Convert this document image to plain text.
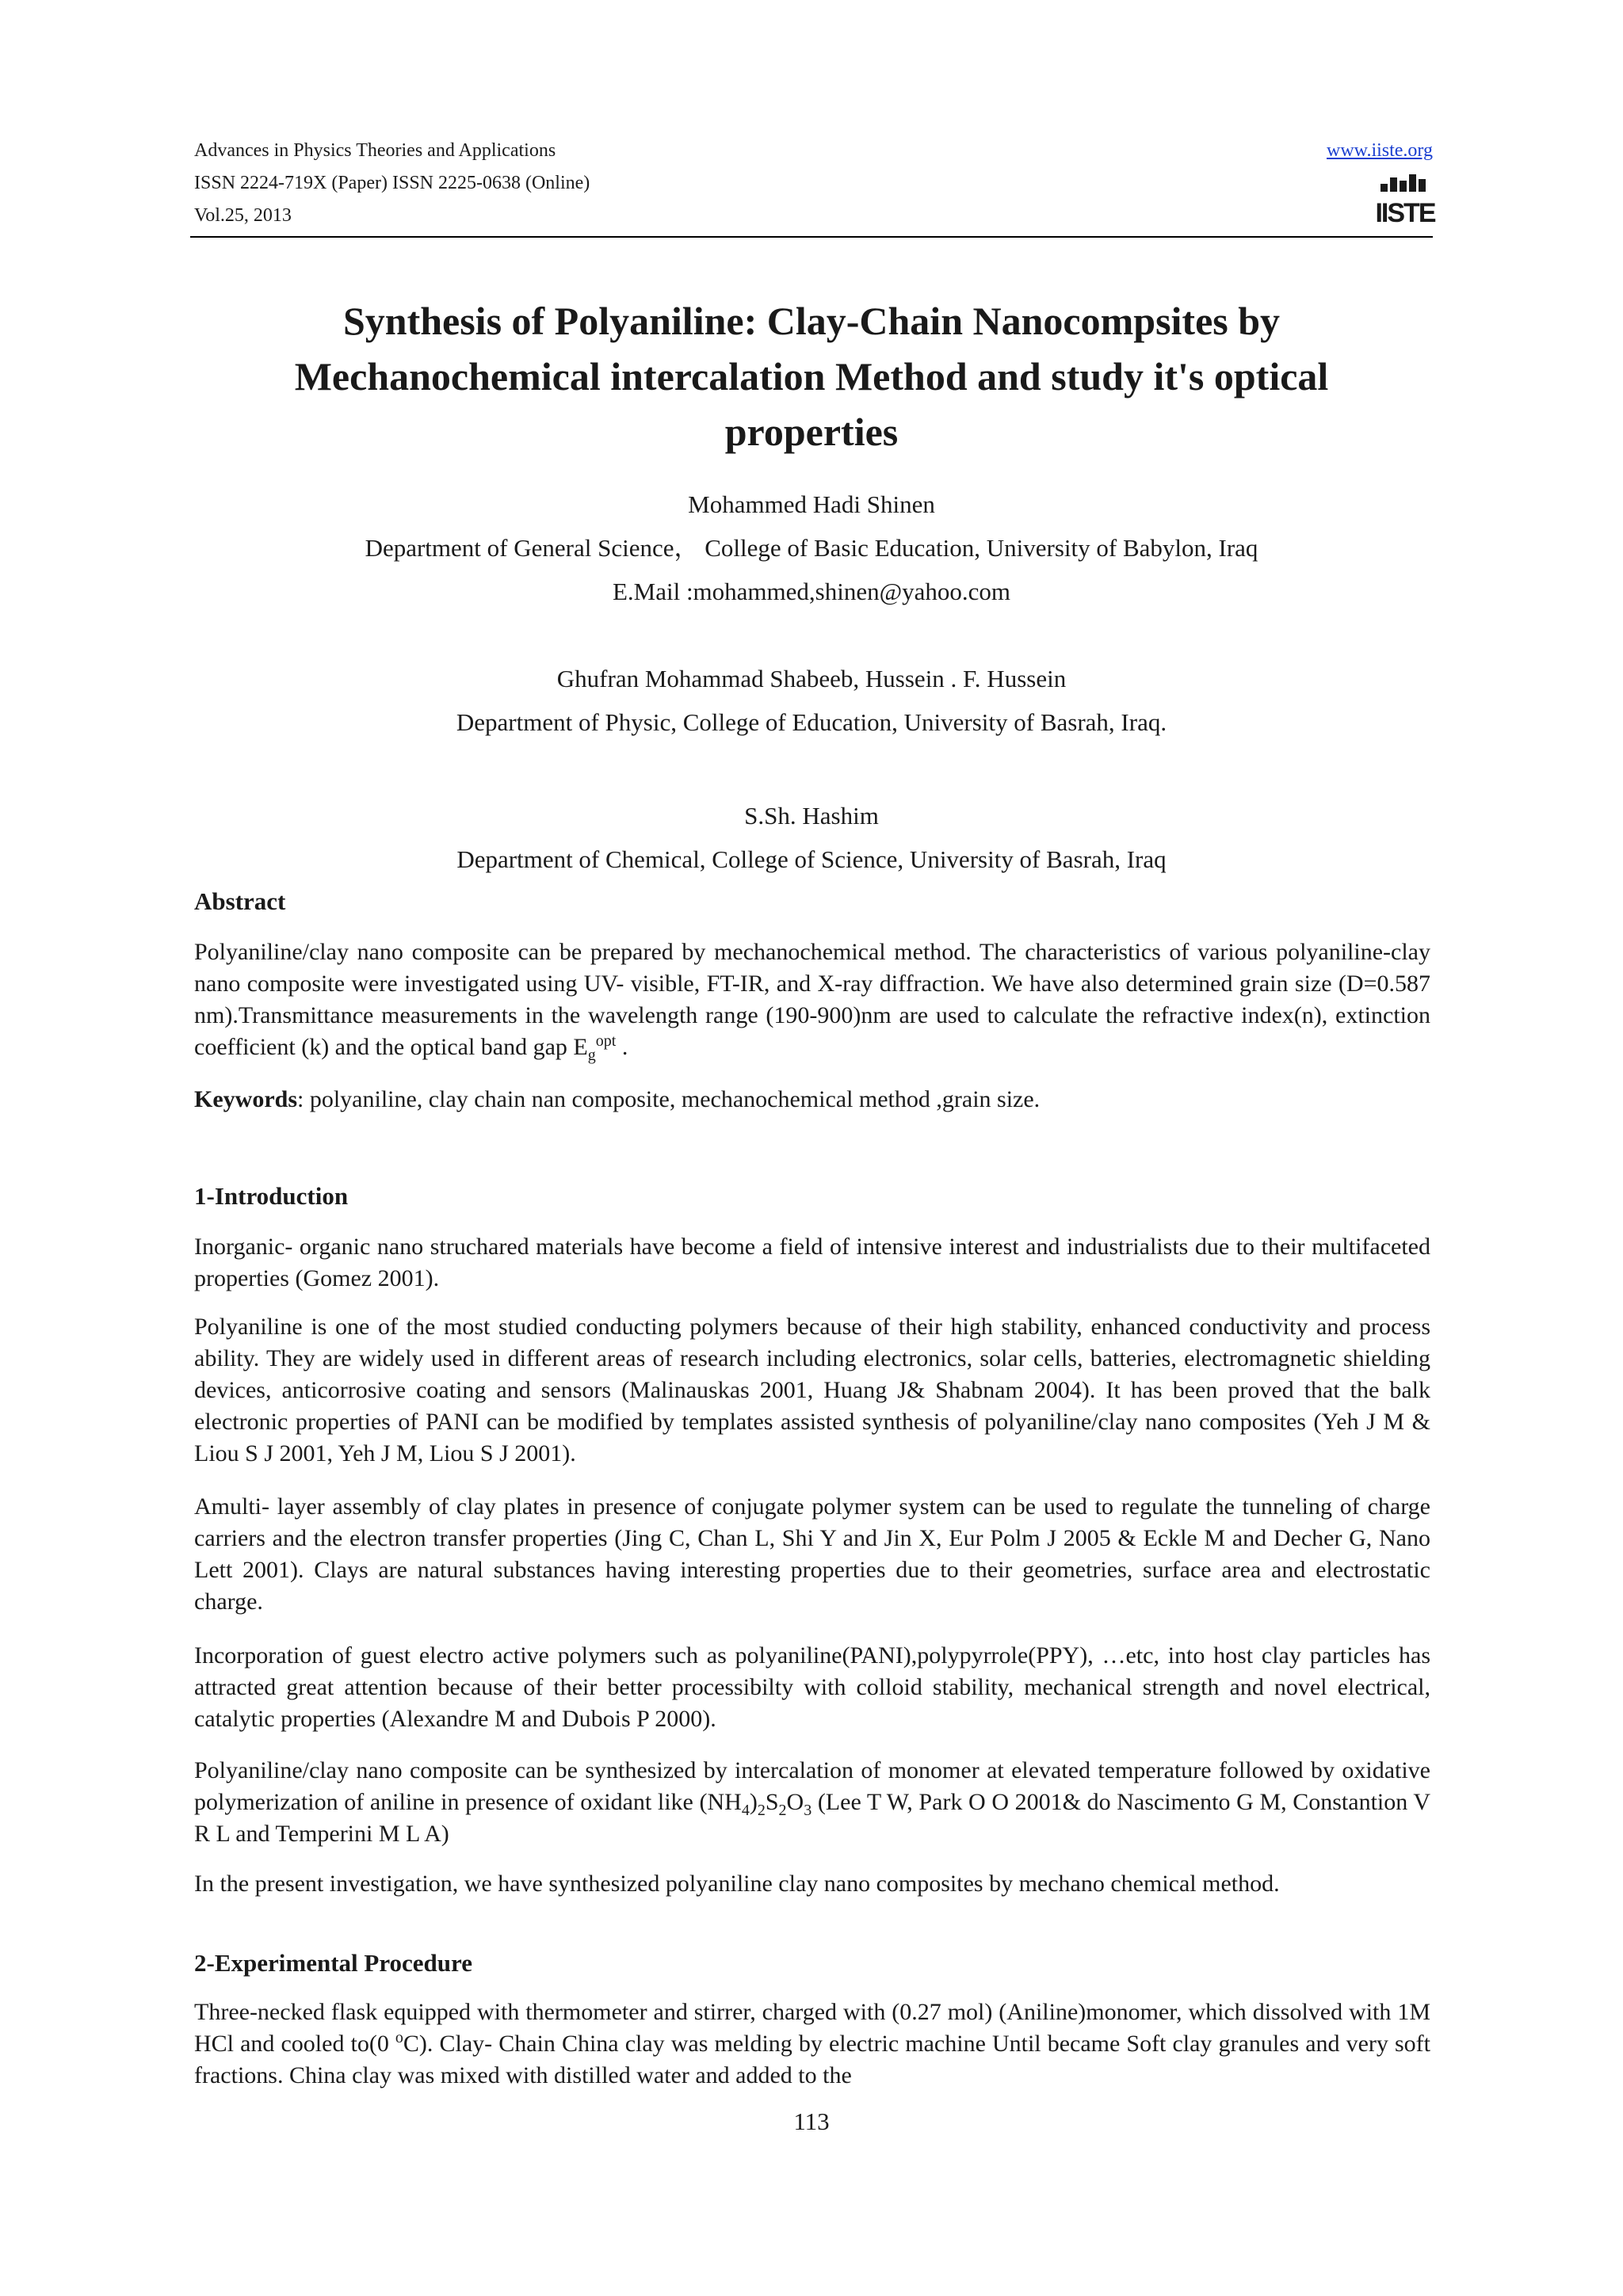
Advances in Physics Theories and Applications
ISSN 2224-719X (Paper) ISSN 2225-0638 (Online)
Vol.25, 2013
www.iiste.org
IISTE
Synthesis of Polyaniline: Clay-Chain Nanocompsites by
Mechanochemical intercalation Method and study it's optical
properties
Mohammed Hadi Shinen
Department of General Science， College of Basic Education, University of Babylon, Iraq
E.Mail :mohammed,shinen@yahoo.com
Ghufran Mohammad Shabeeb, Hussein . F. Hussein
Department of Physic, College of Education, University of Basrah, Iraq.
S.Sh. Hashim
Department of Chemical, College of Science, University of Basrah, Iraq
Abstract

Polyaniline/clay nano composite can be prepared by mechanochemical method. The characteristics of various polyaniline-clay nano composite were investigated using UV- visible, FT-IR, and X-ray diffraction. We have also determined grain size (D=0.587 nm).Transmittance measurements in the wavelength range (190-900)nm are used to calculate the refractive index(n), extinction coefficient (k) and the optical band gap $E_g^{opt}$ .

Keywords: polyaniline, clay chain nan composite, mechanochemical method ,grain size.

1-Introduction

Inorganic- organic nano struchared materials have become a field of intensive interest and industrialists due to their multifaceted properties (Gomez 2001).

Polyaniline is one of the most studied conducting polymers because of their high stability, enhanced conductivity and process ability. They are widely used in different areas of research including electronics, solar cells, batteries, electromagnetic shielding devices, anticorrosive coating and sensors (Malinauskas 2001, Huang J& Shabnam 2004). It has been proved that the balk electronic properties of PANI can be modified by templates assisted synthesis of polyaniline/clay nano composites (Yeh J M & Liou S J 2001, Yeh J M, Liou S J 2001).

Amulti- layer assembly of clay plates in presence of conjugate polymer system can be used to regulate the tunneling of charge carriers and the electron transfer properties (Jing C, Chan L, Shi Y and Jin X, Eur Polm J 2005 & Eckle M and Decher G, Nano Lett 2001). Clays are natural substances having interesting properties due to their geometries, surface area and electrostatic charge.

Incorporation of guest electro active polymers such as polyaniline(PANI),polypyrrole(PPY), …etc, into host clay particles has attracted great attention because of their better processibilty with colloid stability, mechanical strength and novel electrical, catalytic properties (Alexandre M and Dubois P 2000).

Polyaniline/clay nano composite can be synthesized by intercalation of monomer at elevated temperature followed by oxidative polymerization of aniline in presence of oxidant like $(NH_4)_2S_2O_3$ (Lee T W, Park O O 2001& do Nascimento G M, Constantion V R L and Temperini M L A)

In the present investigation, we have synthesized polyaniline clay nano composites by mechano chemical method.

2-Experimental Procedure

Three-necked flask equipped with thermometer and stirrer, charged with (0.27 mol) (Aniline)monomer, which dissolved with 1M HCl and cooled to(0 $^o$C). Clay- Chain China clay was melding by electric machine Until became Soft clay granules and very soft fractions. China clay was mixed with distilled water and added to the

113
